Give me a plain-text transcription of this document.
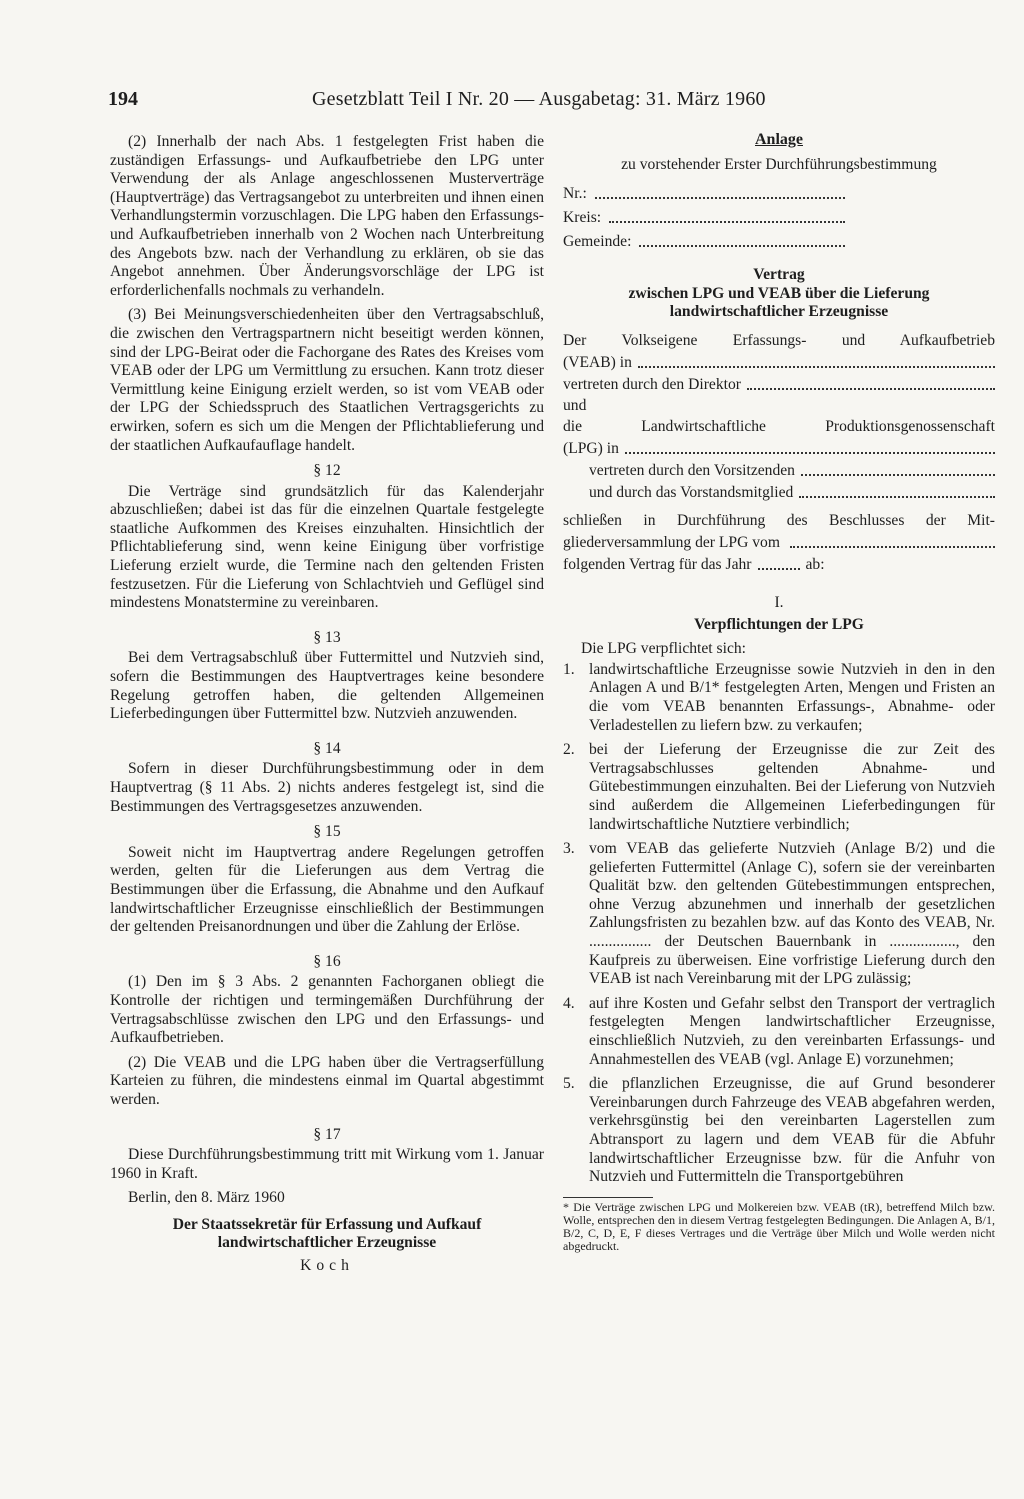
194	Gesetzblatt Teil I Nr. 20 — Ausgabetag: 31. März 1960

(2) Innerhalb der nach Abs. 1 festgelegten Frist haben die zuständigen Erfassungs- und Aufkaufbetriebe den LPG unter Verwendung der als Anlage angeschlossenen Musterverträge (Hauptverträge) das Vertragsangebot zu unterbreiten und ihnen einen Verhandlungstermin vorzuschlagen. Die LPG haben den Erfassungs- und Aufkaufbetrieben innerhalb von 2 Wochen nach Unterbreitung des Angebots bzw. nach der Verhandlung zu erklären, ob sie das Angebot annehmen. Über Änderungsvorschläge der LPG ist erforderlichenfalls nochmals zu verhandeln.

(3) Bei Meinungsverschiedenheiten über den Vertragsabschluß, die zwischen den Vertragspartnern nicht beseitigt werden können, sind der LPG-Beirat oder die Fachorgane des Rates des Kreises vom VEAB oder der LPG um Vermittlung zu ersuchen. Kann trotz dieser Vermittlung keine Einigung erzielt werden, so ist vom VEAB oder der LPG der Schiedsspruch des Staatlichen Vertragsgerichts zu erwirken, sofern es sich um die Mengen der Pflichtablieferung und der staatlichen Aufkaufauflage handelt.

§ 12

Die Verträge sind grundsätzlich für das Kalenderjahr abzuschließen; dabei ist das für die einzelnen Quartale festgelegte staatliche Aufkommen des Kreises einzuhalten. Hinsichtlich der Pflichtablieferung sind, wenn keine Einigung über vorfristige Lieferung erzielt wurde, die Termine nach den geltenden Fristen festzusetzen. Für die Lieferung von Schlachtvieh und Geflügel sind mindestens Monatstermine zu vereinbaren.

§ 13

Bei dem Vertragsabschluß über Futtermittel und Nutzvieh sind, sofern die Bestimmungen des Hauptvertrages keine besondere Regelung getroffen haben, die geltenden Allgemeinen Lieferbedingungen über Futtermittel bzw. Nutzvieh anzuwenden.

§ 14

Sofern in dieser Durchführungsbestimmung oder in dem Hauptvertrag (§ 11 Abs. 2) nichts anderes festgelegt ist, sind die Bestimmungen des Vertragsgesetzes anzuwenden.

§ 15

Soweit nicht im Hauptvertrag andere Regelungen getroffen werden, gelten für die Lieferungen aus dem Vertrag die Bestimmungen über die Erfassung, die Abnahme und den Aufkauf landwirtschaftlicher Erzeugnisse einschließlich der Bestimmungen der geltenden Preisanordnungen und über die Zahlung der Erlöse.

§ 16

(1) Den im § 3 Abs. 2 genannten Fachorganen obliegt die Kontrolle der richtigen und termingemäßen Durchführung der Vertragsabschlüsse zwischen den LPG und den Erfassungs- und Aufkaufbetrieben.

(2) Die VEAB und die LPG haben über die Vertragserfüllung Karteien zu führen, die mindestens einmal im Quartal abgestimmt werden.

§ 17

Diese Durchführungsbestimmung tritt mit Wirkung vom 1. Januar 1960 in Kraft.

Berlin, den 8. März 1960

Der Staatssekretär für Erfassung und Aufkauf

landwirtschaftlicher Erzeugnisse

Koch

Anlage

zu vorstehender Erster Durchführungsbestimmung

Nr.:
Kreis:
Gemeinde:

Vertrag

zwischen LPG und VEAB über die Lieferung

landwirtschaftlicher Erzeugnisse

Der Volkseigene Erfassungs- und Aufkaufbetrieb

(VEAB) in
vertreten durch den Direktor

und

die Landwirtschaftliche Produktionsgenossenschaft

(LPG) in
vertreten durch den Vorsitzenden
und durch das Vorstandsmitglied

schließen in Durchführung des Beschlusses der Mit-

gliederversammlung der LPG vom
folgenden Vertrag für das Jahr	ab:

I.

Verpflichtungen der LPG

Die LPG verpflichtet sich:

1. landwirtschaftliche Erzeugnisse sowie Nutzvieh in den in den Anlagen A und B/1* festgelegten Arten, Mengen und Fristen an die vom VEAB benannten Erfassungs-, Abnahme- oder Verladestellen zu liefern bzw. zu verkaufen;
2. bei der Lieferung der Erzeugnisse die zur Zeit des Vertragsabschlusses geltenden Abnahme- und Gütebestimmungen einzuhalten. Bei der Lieferung von Nutzvieh sind außerdem die Allgemeinen Lieferbedingungen für landwirtschaftliche Nutztiere verbindlich;
3. vom VEAB das gelieferte Nutzvieh (Anlage B/2) und die gelieferten Futtermittel (Anlage C), sofern sie der vereinbarten Qualität bzw. den geltenden Gütebestimmungen entsprechen, ohne Verzug abzunehmen und innerhalb der gesetzlichen Zahlungsfristen zu bezahlen bzw. auf das Konto des VEAB, Nr. ................ der Deutschen Bauernbank in ................., den Kaufpreis zu überweisen. Eine vorfristige Lieferung durch den VEAB ist nach Vereinbarung mit der LPG zulässig;
4. auf ihre Kosten und Gefahr selbst den Transport der vertraglich festgelegten Mengen landwirtschaftlicher Erzeugnisse, einschließlich Nutzvieh, zu den vereinbarten Erfassungs- und Annahmestellen des VEAB (vgl. Anlage E) vorzunehmen;
5. die pflanzlichen Erzeugnisse, die auf Grund besonderer Vereinbarungen durch Fahrzeuge des VEAB abgefahren werden, verkehrsgünstig bei den vereinbarten Lagerstellen zum Abtransport zu lagern und dem VEAB für die Abfuhr landwirtschaftlicher Erzeugnisse bzw. für die Anfuhr von Nutzvieh und Futtermitteln die Transportgebühren

* Die Verträge zwischen LPG und Molkereien bzw. VEAB (tR), betreffend Milch bzw. Wolle, entsprechen den in diesem Vertrag festgelegten Bedingungen. Die Anlagen A, B/1, B/2, C, D, E, F dieses Vertrages und die Verträge über Milch und Wolle werden nicht abgedruckt.
